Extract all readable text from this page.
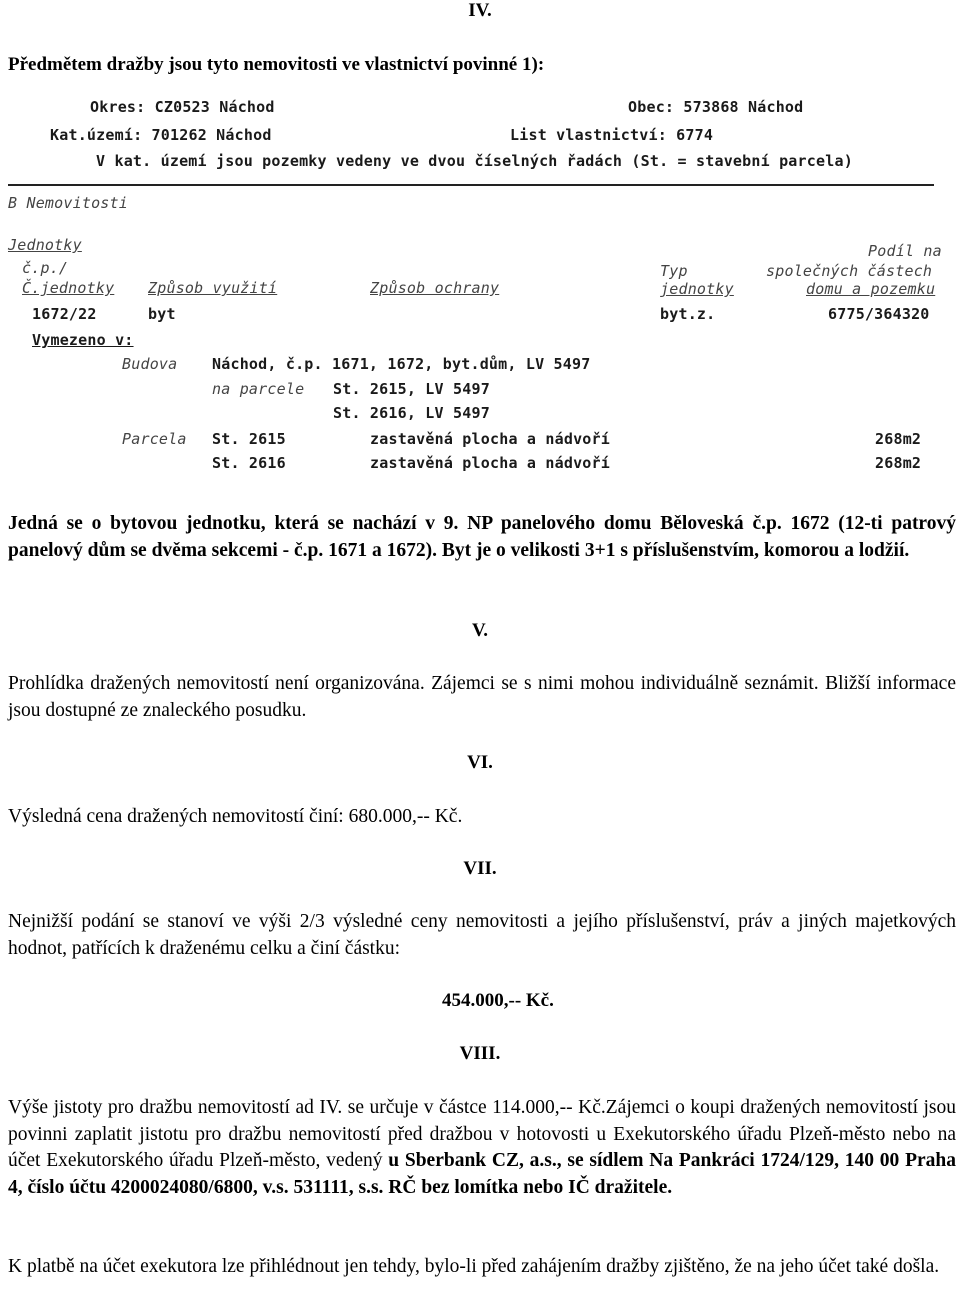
IV.
Předmětem dražby jsou tyto nemovitosti ve vlastnictví povinné 1):
Okres: CZ0523 Náchod	Obec: 573868 Náchod
Kat.území: 701262 Náchod	List vlastnictví: 6774
V kat. území jsou pozemky vedeny ve dvou číselných řadách (St. = stavební parcela)
B Nemovitosti
Jednotky
č.p./
Č.jednotky Způsob využití	Způsob ochrany
Typ
jednotky
Podíl na
společných částech
domu a pozemku
1672/22	byt	byt.z.	6775/364320
Vymezeno v:
Budova Náchod, č.p. 1671, 1672, byt.dům, LV 5497
na parcele St. 2615, LV 5497
St. 2616, LV 5497
Parcela St. 2615	zastavěná plocha a nádvoří	268m2
St. 2616	zastavěná plocha a nádvoří	268m2
Jedná se o bytovou jednotku, která se nachází v 9. NP panelového domu Běloveská č.p. 1672 (12-ti patrový panelový dům se dvěma sekcemi - č.p. 1671 a 1672). Byt je o velikosti 3+1 s příslušenstvím, komorou a lodžií.
V.
Prohlídka dražených nemovitostí není organizována. Zájemci se s nimi mohou individuálně seznámit. Bližší informace jsou dostupné ze znaleckého posudku.
VI.
Výsledná cena dražených nemovitostí činí: 680.000,-- Kč.
VII.
Nejnižší podání se stanoví ve výši 2/3 výsledné ceny nemovitosti a jejího příslušenství, práv a jiných majetkových hodnot, patřících k draženému celku a činí částku:
454.000,-- Kč.
VIII.
Výše jistoty pro dražbu nemovitostí ad IV. se určuje v částce 114.000,-- Kč.Zájemci o koupi dražených nemovitostí jsou povinni zaplatit jistotu pro dražbu nemovitostí před dražbou v hotovosti u Exekutorského úřadu Plzeň-město nebo na účet Exekutorského úřadu Plzeň-město, vedený u Sberbank CZ, a.s., se sídlem Na Pankráci 1724/129, 140 00 Praha 4, číslo účtu 4200024080/6800, v.s. 531111, s.s. RČ bez lomítka nebo IČ dražitele.
K platbě na účet exekutora lze přihlédnout jen tehdy, bylo-li před zahájením dražby zjištěno, že na jeho účet také došla.
